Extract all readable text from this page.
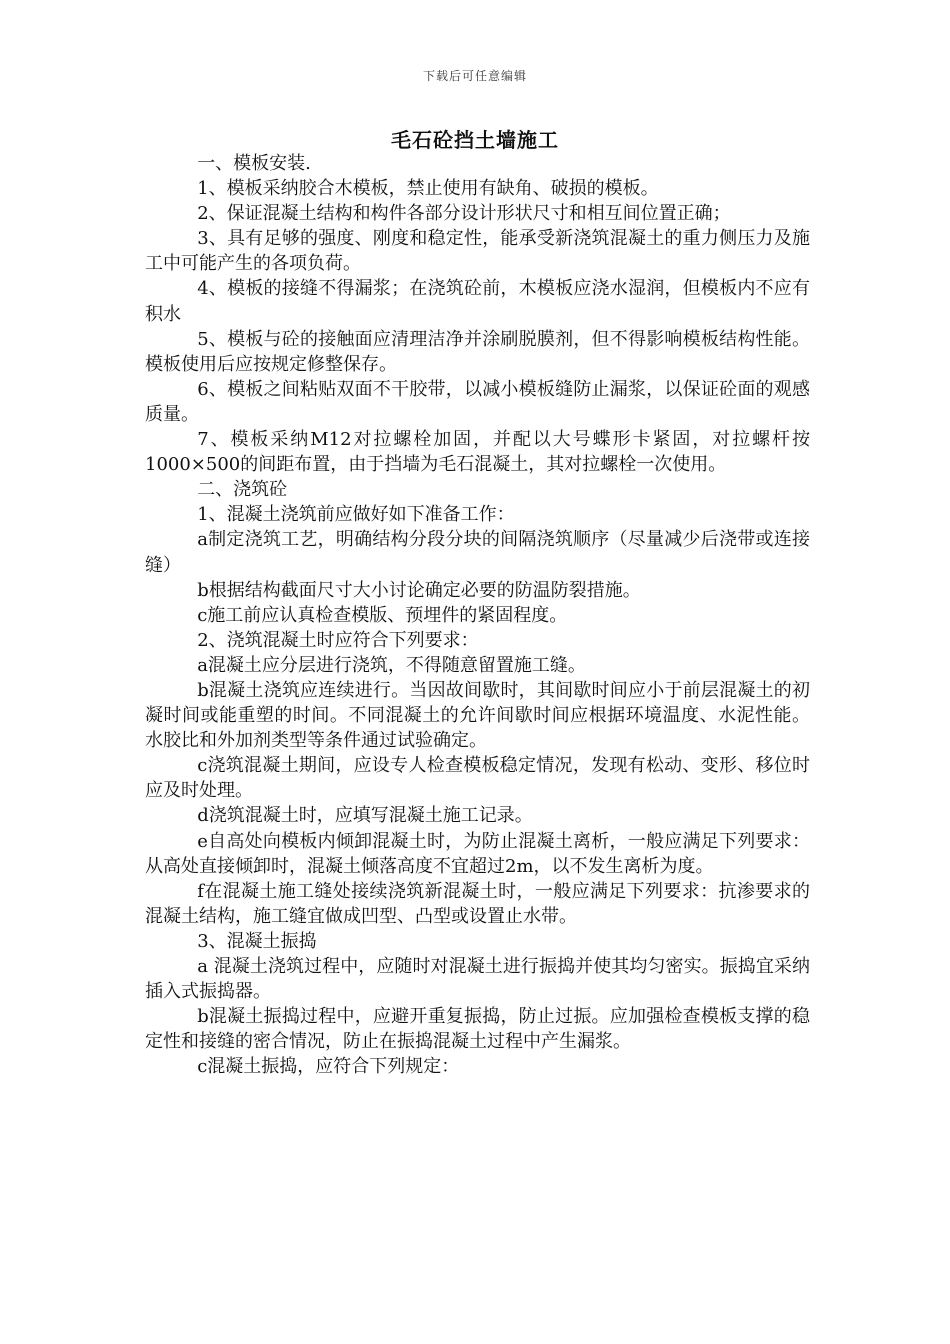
下载后可任意编辑
毛石砼挡土墙施工

一、模板安装.

1、模板采纳胶合木模板，禁止使用有缺角、破损的模板。

2、保证混凝土结构和构件各部分设计形状尺寸和相互间位置正确；

3、具有足够的强度、刚度和稳定性，能承受新浇筑混凝土的重力侧压力及施工中可能产生的各项负荷。

4、模板的接缝不得漏浆；在浇筑砼前，木模板应浇水湿润，但模板内不应有积水

5、模板与砼的接触面应清理洁净并涂刷脱膜剂，但不得影响模板结构性能。模板使用后应按规定修整保存。

6、模板之间粘贴双面不干胶带，以减小模板缝防止漏浆，以保证砼面的观感质量。

7、模板采纳M12对拉螺栓加固，并配以大号蝶形卡紧固，对拉螺杆按1000×500的间距布置，由于挡墙为毛石混凝土，其对拉螺栓一次使用。

二、浇筑砼

1、混凝土浇筑前应做好如下准备工作：

a制定浇筑工艺，明确结构分段分块的间隔浇筑顺序（尽量减少后浇带或连接缝）

b根据结构截面尺寸大小讨论确定必要的防温防裂措施。

c施工前应认真检查模版、预埋件的紧固程度。

2、浇筑混凝土时应符合下列要求：

a混凝土应分层进行浇筑，不得随意留置施工缝。

b混凝土浇筑应连续进行。当因故间歇时，其间歇时间应小于前层混凝土的初凝时间或能重塑的时间。不同混凝土的允许间歇时间应根据环境温度、水泥性能。水胶比和外加剂类型等条件通过试验确定。

c浇筑混凝土期间，应设专人检查模板稳定情况，发现有松动、变形、移位时应及时处理。

d浇筑混凝土时，应填写混凝土施工记录。

e自高处向模板内倾卸混凝土时，为防止混凝土离析，一般应满足下列要求：从高处直接倾卸时，混凝土倾落高度不宜超过2m，以不发生离析为度。

f在混凝土施工缝处接续浇筑新混凝土时，一般应满足下列要求：抗渗要求的混凝土结构，施工缝宜做成凹型、凸型或设置止水带。

3、混凝土振捣

a 混凝土浇筑过程中，应随时对混凝土进行振捣并使其均匀密实。振捣宜采纳插入式振捣器。

b混凝土振捣过程中，应避开重复振捣，防止过振。应加强检查模板支撑的稳定性和接缝的密合情况，防止在振捣混凝土过程中产生漏浆。

c混凝土振捣，应符合下列规定：
